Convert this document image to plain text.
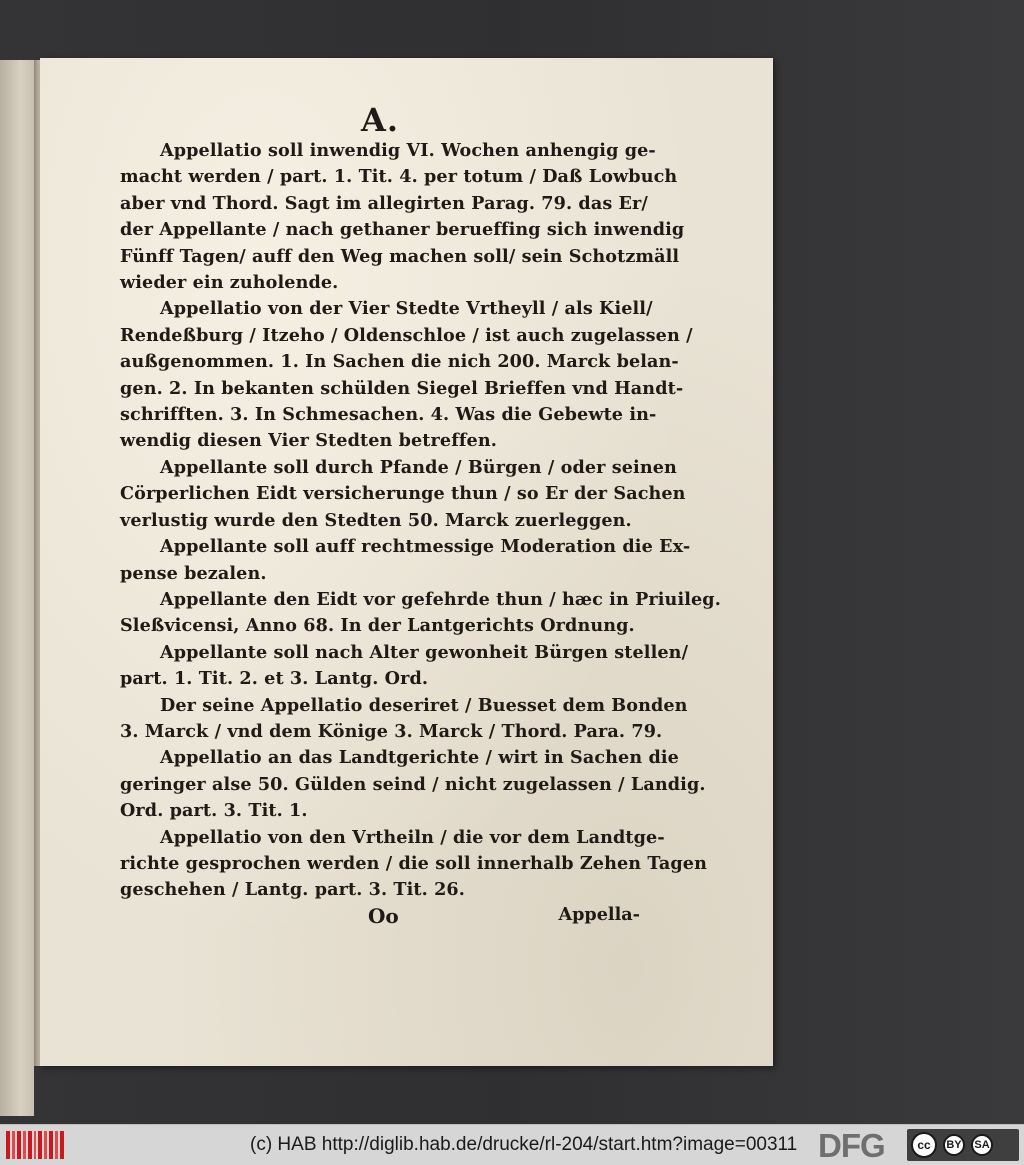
A.
Appellatio soll inwendig VI. Wochen anhengig ge-
macht werden / part. 1. Tit. 4. per totum / Daß Lowbuch
aber vnd Thord. Sagt im allegirten Parag. 79. das Er/
der Appellante / nach gethaner berueffing sich inwendig
Fünff Tagen/ auff den Weg machen soll/ sein Schotzmäll
wieder ein zuholende.
Appellatio von der Vier Stedte Vrtheyll / als Kiell/
Rendeßburg / Itzeho / Oldenschloe / ist auch zugelassen /
außgenommen. 1. In Sachen die nich 200. Marck belan-
gen. 2. In bekanten schülden Siegel Brieffen vnd Handt-
schrifften. 3. In Schmesachen. 4. Was die Gebewte in-
wendig diesen Vier Stedten betreffen.
Appellante soll durch Pfande / Bürgen / oder seinen
Cörperlichen Eidt versicherunge thun / so Er der Sachen
verlustig wurde den Stedten 50. Marck zuerleggen.
Appellante soll auff rechtmessige Moderation die Ex-
pense bezalen.
Appellante den Eidt vor gefehrde thun / hæc in Priuileg.
Sleßvicensi, Anno 68. In der Lantgerichts Ordnung.
Appellante soll nach Alter gewonheit Bürgen stellen/
part. 1. Tit. 2. et 3. Lantg. Ord.
Der seine Appellatio deseriret / Buesset dem Bonden
3. Marck / vnd dem Könige 3. Marck / Thord. Para. 79.
Appellatio an das Landtgerichte / wirt in Sachen die
geringer alse 50. Gülden seind / nicht zugelassen / Landig.
Ord. part. 3. Tit. 1.
Appellatio von den Vrtheiln / die vor dem Landtge-
richte gesprochen werden / die soll innerhalb Zehen Tagen
geschehen / Lantg. part. 3. Tit. 26.
Oo	Appella-
(c) HAB http://diglib.hab.de/drucke/rl-204/start.htm?image=00311 DFG	cc	BY	SA
